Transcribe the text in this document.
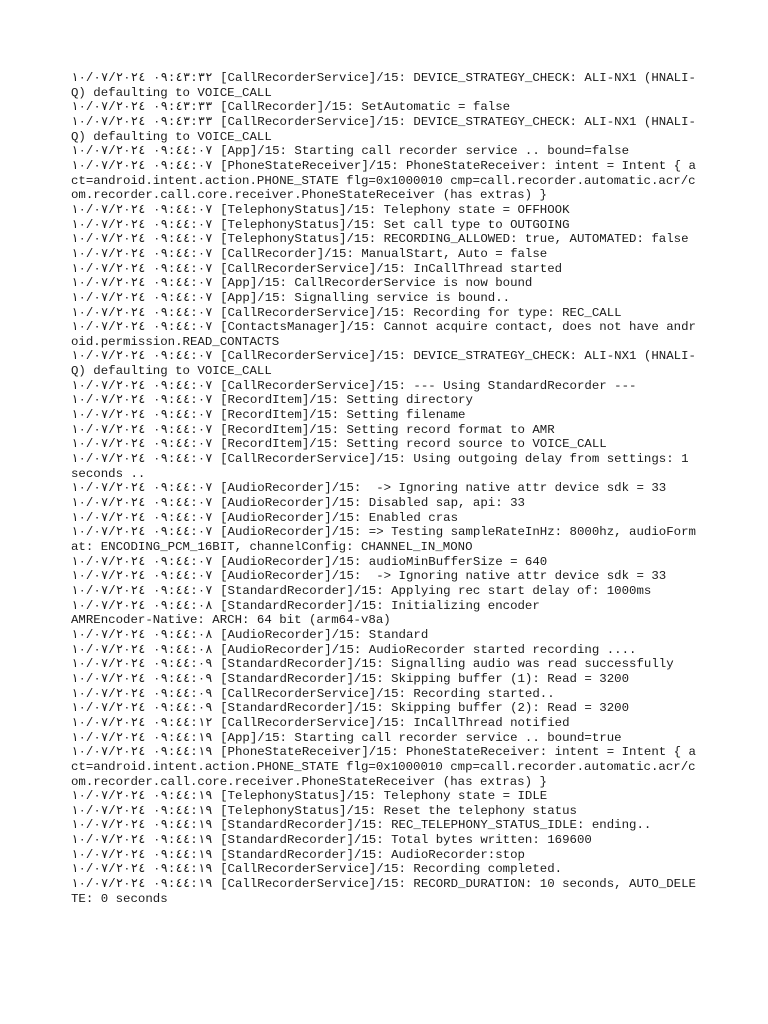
٠٩:٤٣:٣٢ ١٠/٠٧/٢٠٢٤ [CallRecorderService]/15: DEVICE_STRATEGY_CHECK: ALI-NX1 (HNALI-Q) defaulting to VOICE_CALL
٠٩:٤٣:٣٣ ١٠/٠٧/٢٠٢٤ [CallRecorder]/15: SetAutomatic = false
٠٩:٤٣:٣٣ ١٠/٠٧/٢٠٢٤ [CallRecorderService]/15: DEVICE_STRATEGY_CHECK: ALI-NX1 (HNALI-Q) defaulting to VOICE_CALL
٠٩:٤٤:٠٧ ١٠/٠٧/٢٠٢٤ [App]/15: Starting call recorder service .. bound=false
٠٩:٤٤:٠٧ ١٠/٠٧/٢٠٢٤ [PhoneStateReceiver]/15: PhoneStateReceiver: intent = Intent { act=android.intent.action.PHONE_STATE flg=0x1000010 cmp=call.recorder.automatic.acr/com.recorder.call.core.receiver.PhoneStateReceiver (has extras) }
٠٩:٤٤:٠٧ ١٠/٠٧/٢٠٢٤ [TelephonyStatus]/15: Telephony state = OFFHOOK
٠٩:٤٤:٠٧ ١٠/٠٧/٢٠٢٤ [TelephonyStatus]/15: Set call type to OUTGOING
٠٩:٤٤:٠٧ ١٠/٠٧/٢٠٢٤ [TelephonyStatus]/15: RECORDING_ALLOWED: true, AUTOMATED: false
٠٩:٤٤:٠٧ ١٠/٠٧/٢٠٢٤ [CallRecorder]/15: ManualStart, Auto = false
٠٩:٤٤:٠٧ ١٠/٠٧/٢٠٢٤ [CallRecorderService]/15: InCallThread started
٠٩:٤٤:٠٧ ١٠/٠٧/٢٠٢٤ [App]/15: CallRecorderService is now bound
٠٩:٤٤:٠٧ ١٠/٠٧/٢٠٢٤ [App]/15: Signalling service is bound..
٠٩:٤٤:٠٧ ١٠/٠٧/٢٠٢٤ [CallRecorderService]/15: Recording for type: REC_CALL
٠٩:٤٤:٠٧ ١٠/٠٧/٢٠٢٤ [ContactsManager]/15: Cannot acquire contact, does not have android.permission.READ_CONTACTS
٠٩:٤٤:٠٧ ١٠/٠٧/٢٠٢٤ [CallRecorderService]/15: DEVICE_STRATEGY_CHECK: ALI-NX1 (HNALI-Q) defaulting to VOICE_CALL
٠٩:٤٤:٠٧ ١٠/٠٧/٢٠٢٤ [CallRecorderService]/15: --- Using StandardRecorder ---
٠٩:٤٤:٠٧ ١٠/٠٧/٢٠٢٤ [RecordItem]/15: Setting directory
٠٩:٤٤:٠٧ ١٠/٠٧/٢٠٢٤ [RecordItem]/15: Setting filename
٠٩:٤٤:٠٧ ١٠/٠٧/٢٠٢٤ [RecordItem]/15: Setting record format to AMR
٠٩:٤٤:٠٧ ١٠/٠٧/٢٠٢٤ [RecordItem]/15: Setting record source to VOICE_CALL
٠٩:٤٤:٠٧ ١٠/٠٧/٢٠٢٤ [CallRecorderService]/15: Using outgoing delay from settings: 1 seconds ..
٠٩:٤٤:٠٧ ١٠/٠٧/٢٠٢٤ [AudioRecorder]/15:  -> Ignoring native attr device sdk = 33
٠٩:٤٤:٠٧ ١٠/٠٧/٢٠٢٤ [AudioRecorder]/15: Disabled sap, api: 33
٠٩:٤٤:٠٧ ١٠/٠٧/٢٠٢٤ [AudioRecorder]/15: Enabled cras
٠٩:٤٤:٠٧ ١٠/٠٧/٢٠٢٤ [AudioRecorder]/15: => Testing sampleRateInHz: 8000hz, audioFormat: ENCODING_PCM_16BIT, channelConfig: CHANNEL_IN_MONO
٠٩:٤٤:٠٧ ١٠/٠٧/٢٠٢٤ [AudioRecorder]/15: audioMinBufferSize = 640
٠٩:٤٤:٠٧ ١٠/٠٧/٢٠٢٤ [AudioRecorder]/15:  -> Ignoring native attr device sdk = 33
٠٩:٤٤:٠٧ ١٠/٠٧/٢٠٢٤ [StandardRecorder]/15: Applying rec start delay of: 1000ms
٠٩:٤٤:٠٨ ١٠/٠٧/٢٠٢٤ [StandardRecorder]/15: Initializing encoder
AMREncoder-Native: ARCH: 64 bit (arm64-v8a)
٠٩:٤٤:٠٨ ١٠/٠٧/٢٠٢٤ [AudioRecorder]/15: Standard
٠٩:٤٤:٠٨ ١٠/٠٧/٢٠٢٤ [AudioRecorder]/15: AudioRecorder started recording ....
٠٩:٤٤:٠٩ ١٠/٠٧/٢٠٢٤ [StandardRecorder]/15: Signalling audio was read successfully
٠٩:٤٤:٠٩ ١٠/٠٧/٢٠٢٤ [StandardRecorder]/15: Skipping buffer (1): Read = 3200
٠٩:٤٤:٠٩ ١٠/٠٧/٢٠٢٤ [CallRecorderService]/15: Recording started..
٠٩:٤٤:٠٩ ١٠/٠٧/٢٠٢٤ [StandardRecorder]/15: Skipping buffer (2): Read = 3200
٠٩:٤٤:١٢ ١٠/٠٧/٢٠٢٤ [CallRecorderService]/15: InCallThread notified
٠٩:٤٤:١٩ ١٠/٠٧/٢٠٢٤ [App]/15: Starting call recorder service .. bound=true
٠٩:٤٤:١٩ ١٠/٠٧/٢٠٢٤ [PhoneStateReceiver]/15: PhoneStateReceiver: intent = Intent { act=android.intent.action.PHONE_STATE flg=0x1000010 cmp=call.recorder.automatic.acr/com.recorder.call.core.receiver.PhoneStateReceiver (has extras) }
٠٩:٤٤:١٩ ١٠/٠٧/٢٠٢٤ [TelephonyStatus]/15: Telephony state = IDLE
٠٩:٤٤:١٩ ١٠/٠٧/٢٠٢٤ [TelephonyStatus]/15: Reset the telephony status
٠٩:٤٤:١٩ ١٠/٠٧/٢٠٢٤ [StandardRecorder]/15: REC_TELEPHONY_STATUS_IDLE: ending..
٠٩:٤٤:١٩ ١٠/٠٧/٢٠٢٤ [StandardRecorder]/15: Total bytes written: 169600
٠٩:٤٤:١٩ ١٠/٠٧/٢٠٢٤ [StandardRecorder]/15: AudioRecorder:stop
٠٩:٤٤:١٩ ١٠/٠٧/٢٠٢٤ [CallRecorderService]/15: Recording completed.
٠٩:٤٤:١٩ ١٠/٠٧/٢٠٢٤ [CallRecorderService]/15: RECORD_DURATION: 10 seconds, AUTO_DELETE: 0 seconds
